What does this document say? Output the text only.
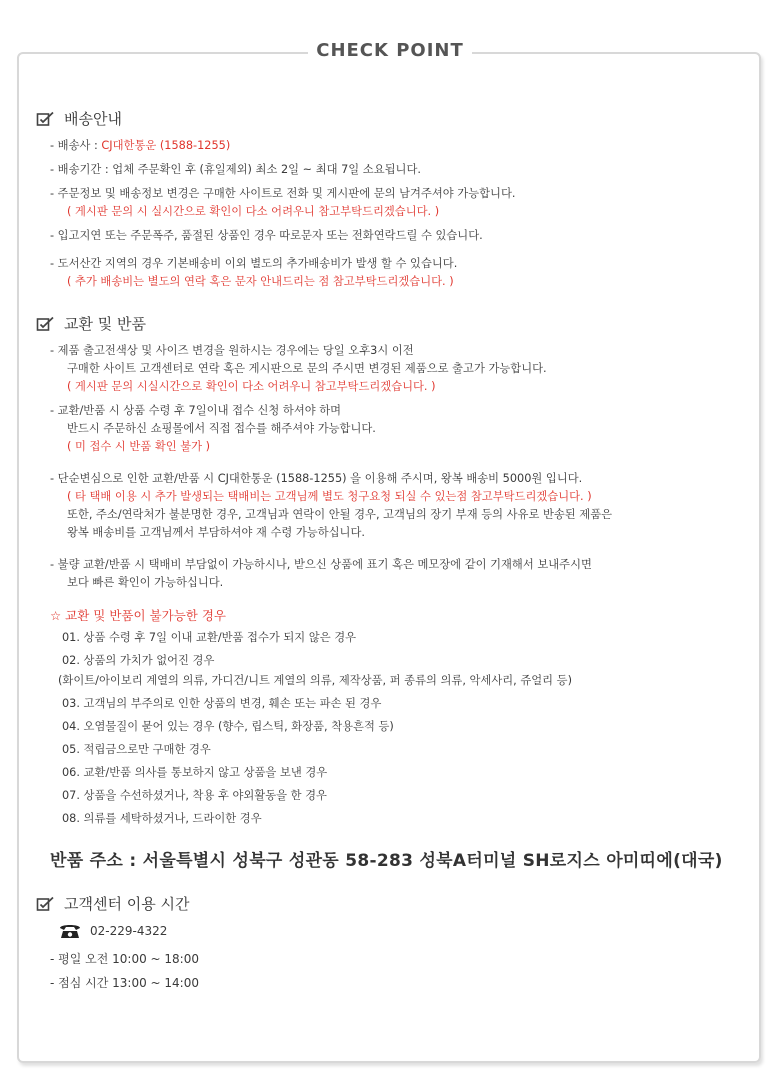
CHECK POINT
배송안내
- 배송사 : CJ대한통운 (1588-1255)
- 배송기간 : 업체 주문확인 후 (휴일제외) 최소 2일 ~ 최대 7일 소요됩니다.
- 주문정보 및 배송정보 변경은 구매한 사이트로 전화 및 게시판에 문의 남겨주셔야 가능합니다.
( 게시판 문의 시 실시간으로 확인이 다소 어려우니 참고부탁드리겠습니다. )
- 입고지연 또는 주문폭주, 품절된 상품인 경우 따로문자 또는 전화연락드릴 수 있습니다.
- 도서산간 지역의 경우 기본배송비 이외 별도의 추가배송비가 발생 할 수 있습니다.
( 추가 배송비는 별도의 연락 혹은 문자 안내드리는 점 참고부탁드리겠습니다. )
교환 및 반품
- 제품 출고전색상 및 사이즈 변경을 원하시는 경우에는 당일 오후3시 이전
구매한 사이트 고객센터로 연락 혹은 게시판으로 문의 주시면 변경된 제품으로 출고가 가능합니다.
( 게시판 문의 시실시간으로 확인이 다소 어려우니 참고부탁드리겠습니다. )
- 교환/반품 시 상품 수령 후 7일이내 접수 신청 하셔야 하며
반드시 주문하신 쇼핑몰에서 직접 접수를 해주셔야 가능합니다.
( 미 접수 시 반품 확인 불가 )
- 단순변심으로 인한 교환/반품 시 CJ대한통운 (1588-1255) 을 이용해 주시며, 왕복 배송비 5000원 입니다.
( 타 택배 이용 시 추가 발생되는 택배비는 고객님께 별도 청구요청 되실 수 있는점 참고부탁드리겠습니다. )
또한, 주소/연락처가 불분명한 경우, 고객님과 연락이 안될 경우, 고객님의 장기 부재 등의 사유로 반송된 제품은
왕복 배송비를 고객님께서 부담하셔야 재 수령 가능하십니다.
- 불량 교환/반품 시 택배비 부담없이 가능하시나, 받으신 상품에 표기 혹은 메모장에 같이 기재해서 보내주시면
보다 빠른 확인이 가능하십니다.
☆ 교환 및 반품이 불가능한 경우
01. 상품 수령 후 7일 이내 교환/반품 접수가 되지 않은 경우
02. 상품의 가치가 없어진 경우
(화이트/아이보리 계열의 의류, 가디건/니트 계열의 의류, 제작상품, 퍼 종류의 의류, 악세사리, 쥬얼리 등)
03. 고객님의 부주의로 인한 상품의 변경, 훼손 또는 파손 된 경우
04. 오염물질이 묻어 있는 경우 (향수, 립스틱, 화장품, 착용흔적 등)
05. 적립금으로만 구매한 경우
06. 교환/반품 의사를 통보하지 않고 상품을 보낸 경우
07. 상품을 수선하셨거나, 착용 후 야외활동을 한 경우
08. 의류를 세탁하셨거나, 드라이한 경우
반품 주소 : 서울특별시 성북구 성관동 58-283 성북A터미널 SH로지스 아미띠에(대국)
고객센터 이용 시간
02-229-4322
- 평일 오전 10:00 ~ 18:00
- 점심 시간 13:00 ~ 14:00
